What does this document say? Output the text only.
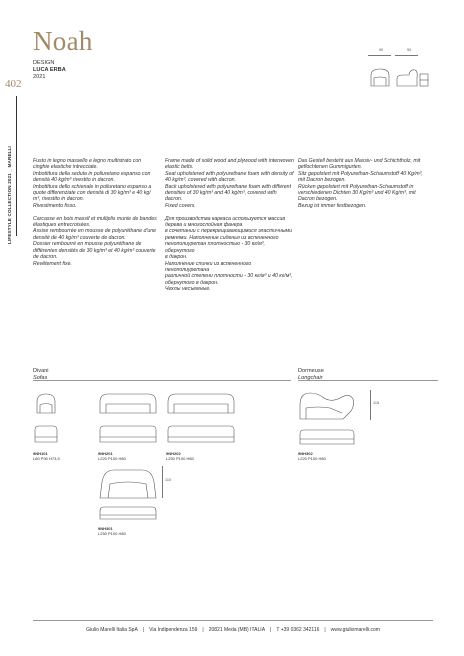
Noah
DESIGN
LUCA ERBA
2021
402
LIFESTYLE COLLECTION 2021 _ MARELLI
90	90
Fusto in legno massello e legno multistrato con
cinghie elastiche intrecciate.
Imbottitura della seduta in poliuretano espanso con
densità 40 kg/m³ rivestito in dacron.
Imbottitura dello schienale in poliuretano espanso a
quote differenziate con densità di 30 kg/m³ e 40 kg/
m³, rivestito in dacron.
Rivestimento fisso.

Carcasse en bois massif et multiplis munie de bandes
élastiques entrecroisées.
Assise rembourrée en mousse de polyuréthane d'une
densité de 40 kg/m³ couverte de dacron.
Dossier rembourré en mousse polyuréthane de
différentes densités de 30 kg/m³ et 40 kg/m³ couverte
de dacron.
Revêtement fixe.
Frame made of solid wood and plywood with interwoven
elastic belts.
Seat upholstered with polyurethane foam with density of
40 kg/m³, covered with dacron.
Back upholstered with polyurethane foam with different
densities of 30 kg/m³ and 40 kg/m³, covered with
dacron.
Fixed covers.

Для производства каркаса используется массив
дерева и многослойная фанера
в сочетании с перекрещивающимися эластичными
ремнями. Наполнение сиденья из вспененного
пенополиуретан плотностью - 30 кг/м³, обернутого
в дакрон.
Наполнение спинки из вспененного пенополиуретана
различной степени плотности - 30 кг/м³ и 40 кг/м³,
обернутого в дакрон.
Чехлы несъемные.
Das Gestell besteht aus Massiv- und Schichtholz, mit
geflochtenen Gummigurten.
Sitz gepolstert mit Polyurethan-Schaumstoff 40 Kg/m³,
mit Dacron bezogen.
Rücken gepolstert mit Polyurethan-Schaumstoff in
verschiedenen Dichten 30 Kg/m³ und 40 Kg/m³, mit
Dacron bezogen.
Bezug ist immer festbezogen.
Divani
Sofas
Dormeuse
Longchair
9NH101
L80 P90 H73,5
9NH201
L220 P100 H80
9NH202
L250 P100 H80
115
9NH302
L220 P100 H80
110
9NH301
L250 P100 H80
Giulio Marelli Italia SpA | Via Indipendenza 159 | 20821 Meda (MB) ITALIA | T +39 0362 342116 | www.giuliomarelli.com
